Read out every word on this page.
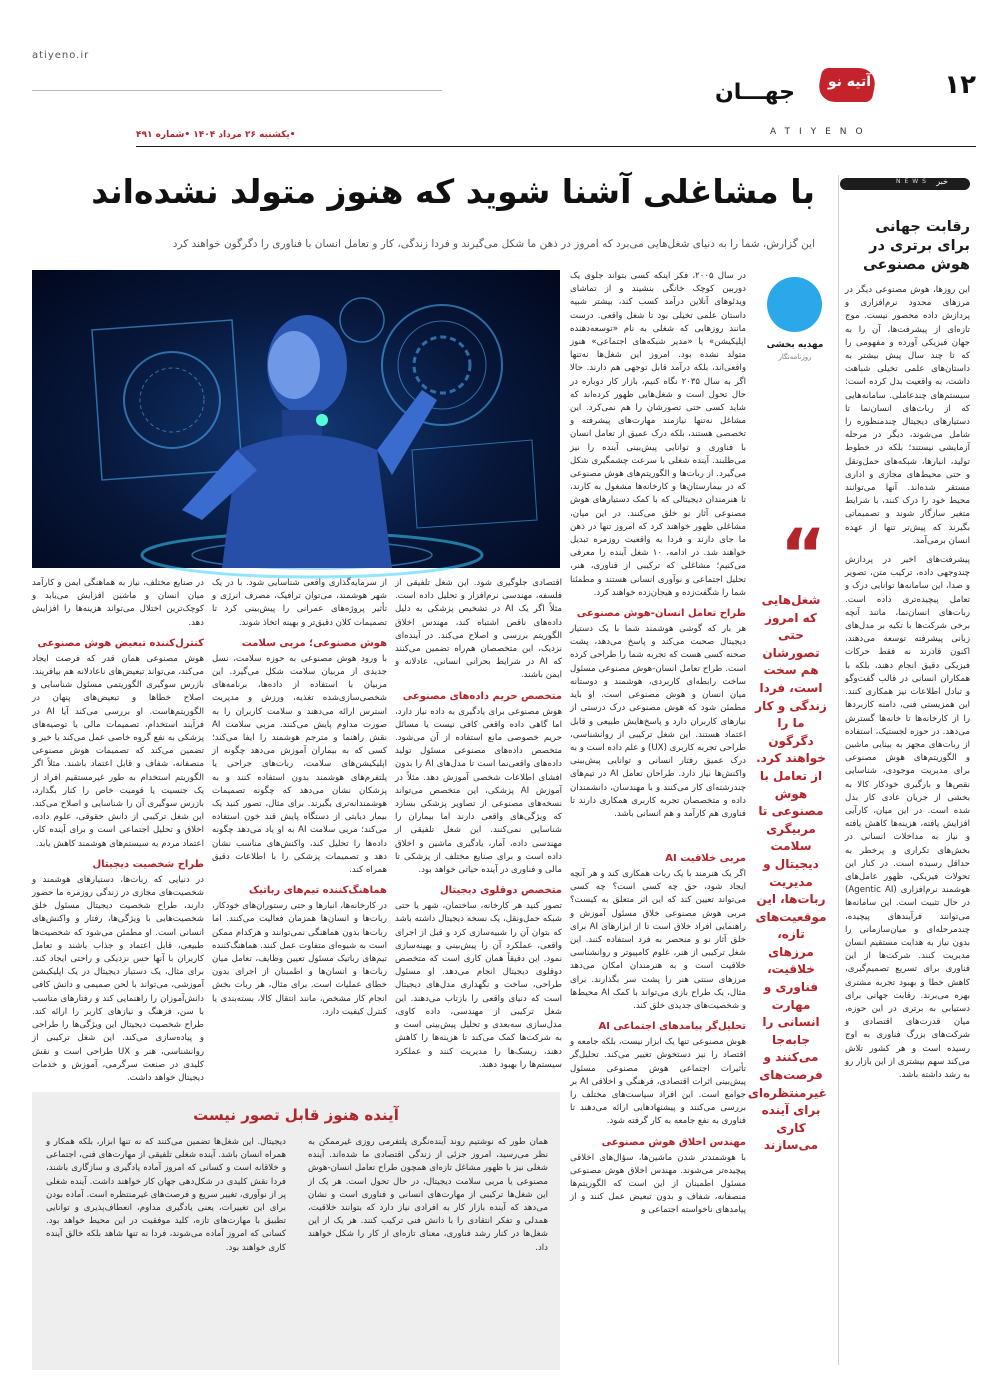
۱۲
atiyeno.ir
آتیه نو
ATIYENO
جهـــان
•یکشنبه ۲۶ مرداد ۱۴۰۴ •شماره ۴۹۱
خبر
NEWS
رقابت جهانی برای برتری در هوش مصنوعی

این روزها، هوش مصنوعی دیگر در مرزهای محدود نرم‌افزاری و پردازش داده محصور نیست. موج تازه‌ای از پیشرفت‌ها، آن را به جهان فیزیکی آورده و مفهومی را که تا چند سال پیش بیشتر به داستان‌های علمی تخیلی شباهت داشت، به واقعیت بدل کرده است: سیستم‌های چندعاملی. سامانه‌هایی که از ربات‌های انسان‌نما تا دستیارهای دیجیتال چندمنظوره را شامل می‌شوند، دیگر در مرحله آزمایشی نیستند؛ بلکه در خطوط تولید، انبارها، شبکه‌های حمل‌ونقل و حتی محیط‌های مجازی و اداری مستقر شده‌اند. آنها می‌توانند محیط خود را درک کنند، با شرایط متغیر سازگار شوند و تصمیماتی بگیرند که پیش‌تر تنها از عهده انسان برمی‌آمد.

پیشرفت‌های اخیر در پردازش چندوجهی داده، ترکیب متن، تصویر و صدا، این سامانه‌ها توانایی درک و تعامل پیچیده‌تری داده است. ربات‌های انسان‌نما، مانند آنچه برخی شرکت‌ها با تکیه بر مدل‌های زبانی پیشرفته توسعه می‌دهند، اکنون قادرند نه فقط حرکات فیزیکی دقیق انجام دهند، بلکه با همکاران انسانی در قالب گفت‌وگو و تبادل اطلاعات نیز همکاری کنند. این همزیستی فنی، دامنه کاربردها را از کارخانه‌ها تا خانه‌ها گسترش می‌دهد. در حوزه لجستیک، استفاده از ربات‌های مجهز به بینایی ماشین و الگوریتم‌های هوش مصنوعی برای مدیریت موجودی، شناسایی نقص‌ها و بارگیری خودکار کالا به بخشی از جریان عادی کار بدل شده است. در این میان، کارآیی افزایش یافته، هزینه‌ها کاهش یافته و نیاز به مداخلات انسانی در بخش‌های تکراری و پرخطر به حداقل رسیده است. در کنار این تحولات فیزیکی، ظهور عامل‌های هوشمند نرم‌افزاری (Agentic AI) در حال تثبیت است. این سامانه‌ها می‌توانند فرآیندهای پیچیده، چندمرحله‌ای و میان‌سازمانی را بدون نیاز به هدایت مستقیم انسان مدیریت کنند. شرکت‌ها از این فناوری برای تسریع تصمیم‌گیری، کاهش خطا و بهبود تجربه مشتری بهره می‌برند. رقابت جهانی برای دستیابی به برتری در این حوزه، میان قدرت‌های اقتصادی و شرکت‌های بزرگ فناوری به اوج رسیده است و هر کشور تلاش می‌کند سهم بیشتری از این بازار رو به رشد داشته باشد.

با مشاغلی آشنا شوید که هنوز متولد نشده‌اند
این گزارش، شما را به دنیای شغل‌هایی می‌برد که امروز در ذهن ما شکل می‌گیرند و فردا زندگی، کار و تعامل انسان با فناوری را دگرگون خواهند کرد
مهدیه بخشی
روزنامه‌نگار
“
شغل‌هایی که امروز حتی تصورشان هم سخت است، فردا زندگی و کار ما را دگرگون خواهند کرد. از تعامل با هوش مصنوعی تا مربیگری سلامت دیجیتال و مدیریت ربات‌ها، این موقعیت‌های تازه، مرزهای خلاقیت، فناوری و مهارت انسانی را جابه‌جا می‌کنند و فرصت‌های غیرمنتظره‌ای برای آینده کاری می‌سازند

در سال ۲۰۰۵، فکر اینکه کسی بتواند جلوی یک دوربین کوچک خانگی بنشیند و از تماشای ویدئوهای آنلاین درآمد کسب کند، بیشتر شبیه داستان علمی تخیلی بود تا شغل واقعی. درست مانند روزهایی که شغلی به نام «توسعه‌دهنده اپلیکیشن» یا «مدیر شبکه‌های اجتماعی» هنوز متولد نشده بود. امروز این شغل‌ها نه‌تنها واقعی‌اند، بلکه درآمد قابل توجهی هم دارند. حالا اگر به سال ۲۰۳۵ نگاه کنیم، بازار کار دوباره در حال تحول است و شغل‌هایی ظهور کرده‌اند که شاید کسی حتی تصورشان را هم نمی‌کرد. این مشاغل نه‌تنها نیازمند مهارت‌های پیشرفته و تخصصی هستند، بلکه درک عمیق از تعامل انسان با فناوری و توانایی پیش‌بینی آینده را نیز می‌طلبند. آینده شغلی با سرعت چشمگیری شکل می‌گیرد. از ربات‌ها و الگوریتم‌های هوش مصنوعی که در بیمارستان‌ها و کارخانه‌ها مشغول به کارند، تا هنرمندان دیجیتالی که با کمک دستیارهای هوش مصنوعی آثار نو خلق می‌کنند. در این میان، مشاغلی ظهور خواهند کرد که امروز تنها در ذهن ما جای دارند و فردا به واقعیت روزمره تبدیل خواهند شد. در ادامه، ۱۰ شغل آینده را معرفی می‌کنیم؛ مشاغلی که ترکیبی از فناوری، هنر، تحلیل اجتماعی و نوآوری انسانی هستند و مطمئنا شما را شگفت‌زده و هیجان‌زده خواهند کرد.

طراح تعامل انسان-هوش مصنوعی

هر بار که گوشی هوشمند شما با یک دستیار دیجیتال صحبت می‌کند و پاسخ می‌دهد، پشت صحنه کسی هست که تجربه شما را طراحی کرده است. طراح تعامل انسان-هوش مصنوعی مسئول ساخت رابطه‌ای کاربردی، هوشمند و دوستانه میان انسان و هوش مصنوعی است. او باید مطمئن شود که هوش مصنوعی درک درستی از نیازهای کاربران دارد و پاسخ‌هایش طبیعی و قابل اعتماد هستند. این شغل ترکیبی از روانشناسی، طراحی تجربه کاربری (UX) و علم داده است و به درک عمیق رفتار انسانی و توانایی پیش‌بینی واکنش‌ها نیاز دارد. طراحان تعامل AI در تیم‌های چندرشته‌ای کار می‌کنند و با مهندسان، دانشمندان داده و متخصصان تجربه کاربری همکاری دارند تا فناوری هم کارآمد و هم انسانی باشد.

مربی خلاقیت AI

اگر یک هنرمند با یک ربات همکاری کند و هر آنچه ایجاد شود، حق چه کسی است؟ چه کسی می‌تواند تعیین کند که این اثر متعلق به کیست؟ مربی هوش مصنوعی خلاق مسئول آموزش و راهنمایی افراد خلاق است تا از ابزارهای AI برای خلق آثار نو و منحصر به فرد استفاده کنند. این شغل ترکیبی از هنر، علوم کامپیوتر و روانشناسی خلاقیت است و به هنرمندان امکان می‌دهد مرزهای سنتی هنر را پشت سر بگذارند. برای مثال، یک طراح بازی می‌تواند با کمک AI محیط‌ها و شخصیت‌های جدیدی خلق کند.

تحلیل‌گر پیامدهای اجتماعی AI

هوش مصنوعی تنها یک ابزار نیست، بلکه جامعه و اقتصاد را نیز دستخوش تغییر می‌کند. تحلیل‌گر تأثیرات اجتماعی هوش مصنوعی مسئول پیش‌بینی اثرات اقتصادی، فرهنگی و اخلاقی AI بر جوامع است. این افراد سیاست‌های مختلف را بررسی می‌کنند و پیشنهادهایی ارائه می‌دهند تا فناوری به نفع جامعه به کار گرفته شود.

مهندس اخلاق هوش مصنوعی

با هوشمندتر شدن ماشین‌ها، سؤال‌های اخلاقی پیچیده‌تر می‌شوند. مهندس اخلاق هوش مصنوعی مسئول اطمینان از این است که الگوریتم‌ها منصفانه، شفاف و بدون تبعیض عمل کنند و از پیامدهای ناخواسته اجتماعی و

اقتصادی جلوگیری شود. این شغل تلفیقی از فلسفه، مهندسی نرم‌افزار و تحلیل داده است. مثلاً اگر یک AI در تشخیص پزشکی به دلیل داده‌های ناقص اشتباه کند، مهندس اخلاق الگوریتم بررسی و اصلاح می‌کند. در آینده‌ای نزدیک، این متخصصان هم‌راه تضمین می‌کنند که AI در شرایط بحرانی انسانی، عادلانه و ایمن باشند.

متخصص حریم داده‌های مصنوعی

هوش مصنوعی برای یادگیری به داده نیاز دارد، اما گاهی داده واقعی کافی نیست یا مسائل حریم خصوصی مانع استفاده از آن می‌شود. متخصص داده‌های مصنوعی مسئول تولید داده‌های واقعی‌نما است تا مدل‌های AI را بدون افشای اطلاعات شخصی آموزش دهد. مثلاً در آموزش AI پزشکی، این متخصص می‌تواند نسخه‌های مصنوعی از تصاویر پزشکی بسازد که ویژگی‌های واقعی دارند اما بیماران را شناسایی نمی‌کنند. این شغل تلفیقی از مهندسی داده، آمار، یادگیری ماشین و اخلاق داده است و برای صنایع مختلف از پزشکی تا مالی و فناوری در آینده حیاتی خواهد بود.

متخصص دوقلوی دیجیتال

تصور کنید هر کارخانه، ساختمان، شهر یا حتی شبکه حمل‌ونقل، یک نسخه دیجیتال داشته باشد که بتوان آن را شبیه‌سازی کرد و قبل از اجرای واقعی، عملکرد آن را پیش‌بینی و بهینه‌سازی نمود. این دقیقاً همان کاری است که متخصص دوقلوی دیجیتال انجام می‌دهد. او مسئول طراحی، ساخت و نگهداری مدل‌های دیجیتال است که دنیای واقعی را بازتاب می‌دهند. این شغل ترکیبی از مهندسی، داده کاوی، مدل‌سازی سه‌بعدی و تحلیل پیش‌بینی است و به شرکت‌ها کمک می‌کند تا هزینه‌ها را کاهش دهند، ریسک‌ها را مدیریت کنند و عملکرد سیستم‌ها را بهبود دهند.

از سرمایه‌گذاری واقعی شناسایی شود. با در یک شهر هوشمند، می‌توان ترافیک، مصرف انرژی و تأثیر پروژه‌های عمرانی را پیش‌بینی کرد تا تصمیمات کلان دقیق‌تر و بهینه اتخاذ شوند.

هوش مصنوعی؛ مربی سلامت

با ورود هوش مصنوعی به حوزه سلامت، نسل جدیدی از مربیان سلامت شکل می‌گیرد. این مربیان با استفاده از داده‌ها، برنامه‌های شخصی‌سازی‌شده تغذیه، ورزش و مدیریت استرس ارائه می‌دهند و سلامت کاربران را به صورت مداوم پایش می‌کنند. مربی سلامت AI نقش راهنما و مترجم هوشمند را ایفا می‌کند؛ کسی که به بیماران آموزش می‌دهد چگونه از اپلیکیشن‌های سلامت، ربات‌های جراحی یا پلتفرم‌های هوشمند بدون استفاده کنند و به پزشکان نشان می‌دهد که چگونه تصمیمات هوشمندانه‌تری بگیرند. برای مثال، تصور کنید یک بیمار دیابتی از دستگاه پایش قند خون استفاده می‌کند؛ مربی سلامت AI به او یاد می‌دهد چگونه داده‌ها را تحلیل کند، واکنش‌های مناسب نشان دهد و تصمیمات پزشکی را با اطلاعات دقیق همراه کند.

هماهنگ‌کننده تیم‌های رباتیک

در کارخانه‌ها، انبارها و حتی رستوران‌های خودکار، ربات‌ها و انسان‌ها همزمان فعالیت می‌کنند. اما ربات‌ها بدون هماهنگی نمی‌توانند و هرکدام ممکن است به شیوه‌ای متفاوت عمل کنند. هماهنگ‌کننده تیم‌های رباتیک مسئول تعیین وظایف، تعامل میان ربات‌ها و انسان‌ها و اطمینان از اجرای بدون خطای عملیات است. برای مثال، هر ربات بخش انجام کار مشخص، مانند انتقال کالا، بسته‌بندی یا کنترل کیفیت دارد.

در صنایع مختلف، نیاز به هماهنگی ایمن و کارآمد میان انسان و ماشین افزایش می‌یابد و کوچک‌ترین اختلال می‌تواند هزینه‌ها را افزایش دهد.

کنترل‌کننده تبعیض هوش مصنوعی

هوش مصنوعی همان قدر که فرصت ایجاد می‌کند، می‌تواند تبعیض‌های ناعادلانه هم بیافریند. بازرس سوگیری الگوریتمی مسئول شناسایی و اصلاح خطاها و تبعیض‌های پنهان در الگوریتم‌هاست. او بررسی می‌کند آیا AI در فرآیند استخدام، تصمیمات مالی یا توصیه‌های پزشکی به نفع گروه خاصی عمل می‌کند یا خیر و تضمین می‌کند که تصمیمات هوش مصنوعی منصفانه، شفاف و قابل اعتماد باشند. مثلاً اگر الگوریتم استخدام به طور غیرمستقیم افراد از یک جنسیت یا قومیت خاص را کنار بگذارد، بازرس سوگیری آن را شناسایی و اصلاح می‌کند. این شغل ترکیبی از دانش حقوقی، علوم داده، اخلاق و تحلیل اجتماعی است و برای آینده کار، اعتماد مردم به سیستم‌های هوشمند کاهش یابد.

طراح شخصیت دیجیتال

در دنیایی که ربات‌ها، دستیارهای هوشمند و شخصیت‌های مجازی در زندگی روزمره ما حضور دارند، طراح شخصیت دیجیتال مسئول خلق شخصیت‌هایی با ویژگی‌ها، رفتار و واکنش‌های انسانی است. او مطمئن می‌شود که شخصیت‌ها طبیعی، قابل اعتماد و جذاب باشند و تعامل کاربران با آنها حس نزدیکی و راحتی ایجاد کند. برای مثال، یک دستیار دیجیتال در یک اپلیکیشن آموزشی، می‌تواند با لحن صمیمی و دانش کافی دانش‌آموزان را راهنمایی کند و رفتارهای مناسب با سن، فرهنگ و نیازهای کاربر را ارائه کند. طراح شخصیت دیجیتال این ویژگی‌ها را طراحی و پیاده‌سازی می‌کند. این شغل ترکیبی از روانشناسی، هنر و UX طراحی است و نقش کلیدی در صنعت سرگرمی، آموزش و خدمات دیجیتال خواهد داشت.

آینده هنوز قابل تصور نیست

همان طور که نوشتیم روند آینده‌نگری پلتفرمی روزی غیرممکن به نظر می‌رسید، امروز جزئی از زندگی اقتصادی ما شده‌اند. آینده شغلی نیز با ظهور مشاغل تازه‌ای همچون طراح تعامل انسان-هوش مصنوعی یا مربی سلامت دیجیتال، در حال تحول است. هر یک از این شغل‌ها ترکیبی از مهارت‌های انسانی و فناوری است و نشان می‌دهد که آینده بازار کار به افرادی نیاز دارد که بتوانند خلاقیت، همدلی و تفکر انتقادی را با دانش فنی ترکیب کنند. هر یک از این شغل‌ها در کنار رشد فناوری، معنای تازه‌ای از کار را شکل خواهند داد.

دیجیتال. این شغل‌ها تضمین می‌کنند که نه تنها ابزار، بلکه همکار و همراه انسان باشد. آینده شغلی تلفیقی از مهارت‌های فنی، اجتماعی و خلاقانه است و کسانی که امروز آماده یادگیری و سازگاری باشند، فردا نقش کلیدی در شکل‌دهی جهان کار خواهند داشت. آینده شغلی پر از نوآوری، تغییر سریع و فرصت‌های غیرمنتظره است. آماده بودن برای این تغییرات، یعنی یادگیری مداوم، انعطاف‌پذیری و توانایی تطبیق با مهارت‌های تازه، کلید موفقیت در این محیط خواهد بود. کسانی که امروز آماده می‌شوند، فردا نه تنها شاهد بلکه خالق آینده کاری خواهند بود.
